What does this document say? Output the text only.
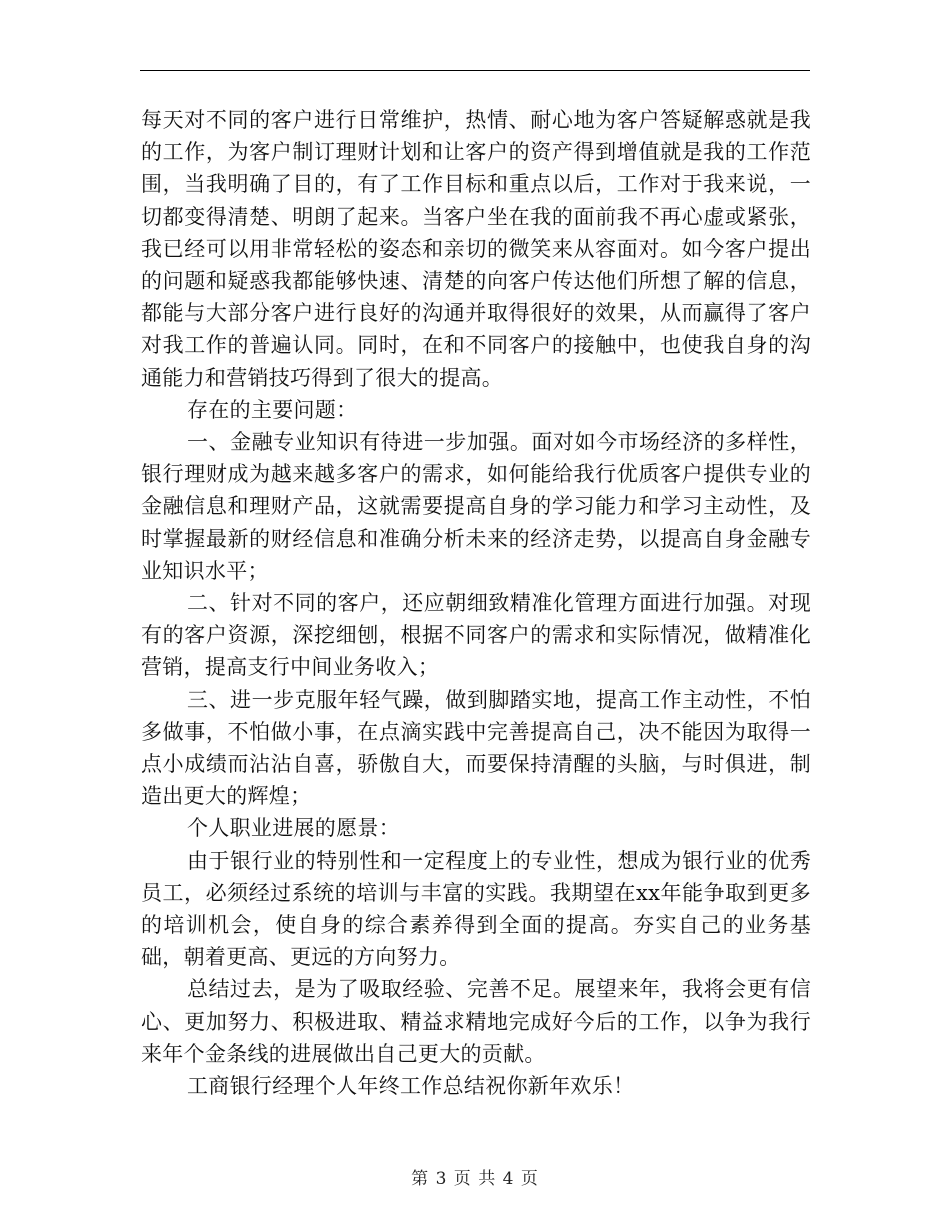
每天对不同的客户进行日常维护，热情、耐心地为客户答疑解惑就是我的工作，为客户制订理财计划和让客户的资产得到增值就是我的工作范围，当我明确了目的，有了工作目标和重点以后，工作对于我来说，一切都变得清楚、明朗了起来。当客户坐在我的面前我不再心虚或紧张，我已经可以用非常轻松的姿态和亲切的微笑来从容面对。如今客户提出的问题和疑惑我都能够快速、清楚的向客户传达他们所想了解的信息，都能与大部分客户进行良好的沟通并取得很好的效果，从而赢得了客户对我工作的普遍认同。同时，在和不同客户的接触中，也使我自身的沟通能力和营销技巧得到了很大的提高。

存在的主要问题：

一、金融专业知识有待进一步加强。面对如今市场经济的多样性，银行理财成为越来越多客户的需求，如何能给我行优质客户提供专业的金融信息和理财产品，这就需要提高自身的学习能力和学习主动性，及时掌握最新的财经信息和准确分析未来的经济走势，以提高自身金融专业知识水平；

二、针对不同的客户，还应朝细致精准化管理方面进行加强。对现有的客户资源，深挖细刨，根据不同客户的需求和实际情况，做精准化营销，提高支行中间业务收入；

三、进一步克服年轻气躁，做到脚踏实地，提高工作主动性，不怕多做事，不怕做小事，在点滴实践中完善提高自己，决不能因为取得一点小成绩而沾沾自喜，骄傲自大，而要保持清醒的头脑，与时俱进，制造出更大的辉煌；

个人职业进展的愿景：

由于银行业的特别性和一定程度上的专业性，想成为银行业的优秀员工，必须经过系统的培训与丰富的实践。我期望在xx年能争取到更多的培训机会，使自身的综合素养得到全面的提高。夯实自己的业务基础，朝着更高、更远的方向努力。

总结过去，是为了吸取经验、完善不足。展望来年，我将会更有信心、更加努力、积极进取、精益求精地完成好今后的工作，以争为我行来年个金条线的进展做出自己更大的贡献。

工商银行经理个人年终工作总结祝你新年欢乐！

第 3 页 共 4 页
